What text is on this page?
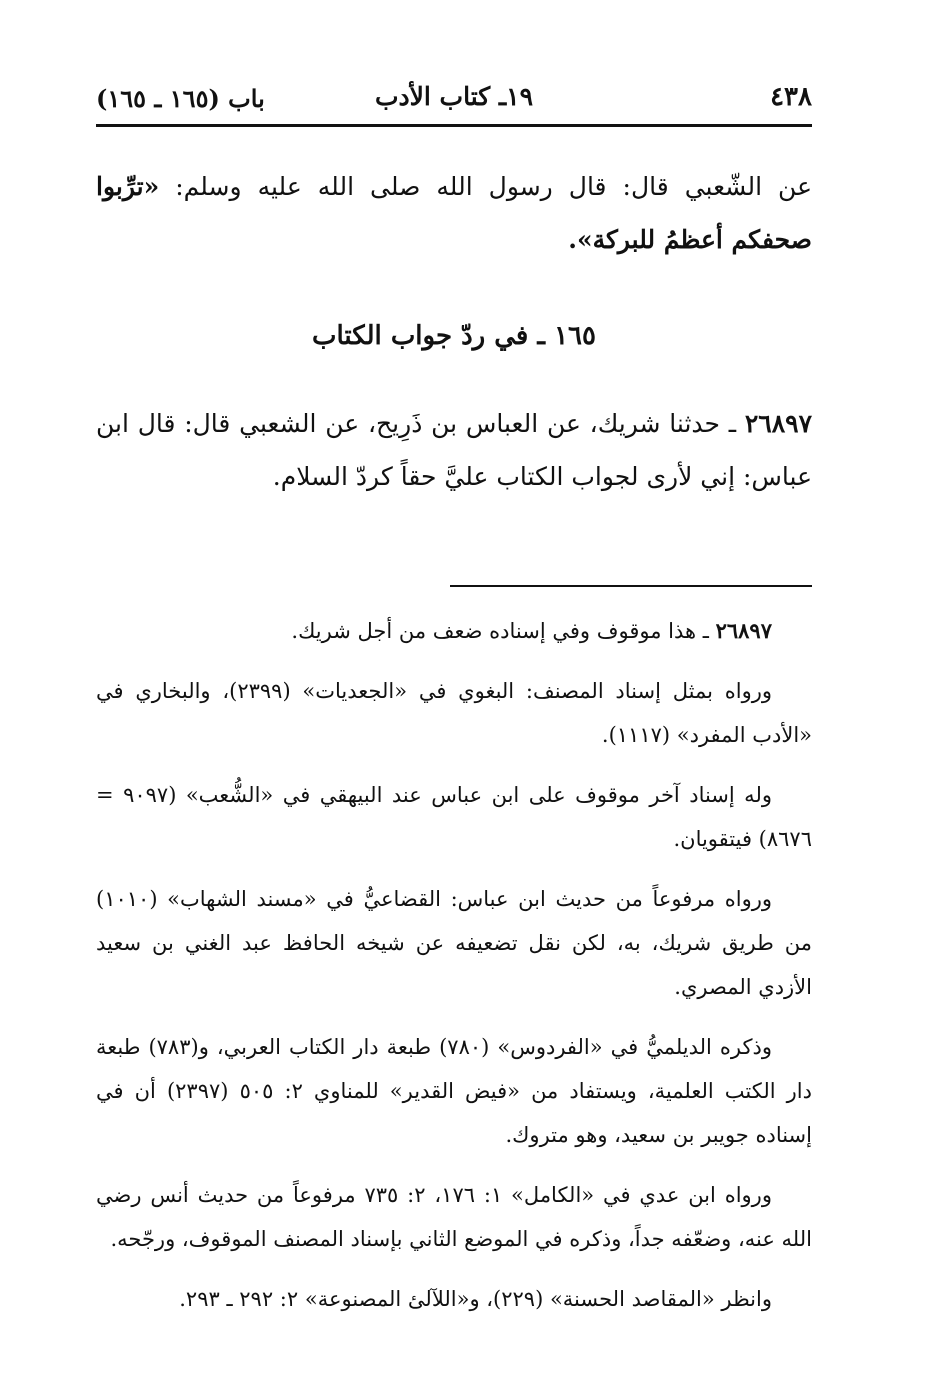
٤٣٨
١٩ـ كتاب الأدب
باب (١٦٥ ـ ١٦٥)

عن الشّعبي قال: قال رسول الله صلى الله عليه وسلم: «ترِّبوا صحفكم أعظمُ للبركة».

١٦٥ ـ في ردّ جواب الكتاب

٢٦٨٩٧ ـ حدثنا شريك، عن العباس بن ذَرِيح، عن الشعبي قال: قال ابن عباس: إني لأرى لجواب الكتاب عليَّ حقاً كردّ السلام.

٢٦٨٩٧ ـ هذا موقوف وفي إسناده ضعف من أجل شريك.

ورواه بمثل إسناد المصنف: البغوي في «الجعديات» (٢٣٩٩)، والبخاري في «الأدب المفرد» (١١١٧).

وله إسناد آخر موقوف على ابن عباس عند البيهقي في «الشُّعب» (٩٠٩٧ = ٨٦٧٦) فيتقويان.

ورواه مرفوعاً من حديث ابن عباس: القضاعيُّ في «مسند الشهاب» (١٠١٠) من طريق شريك، به، لكن نقل تضعيفه عن شيخه الحافظ عبد الغني بن سعيد الأزدي المصري.

وذكره الديلميُّ في «الفردوس» (٧٨٠) طبعة دار الكتاب العربي، و(٧٨٣) طبعة دار الكتب العلمية، ويستفاد من «فيض القدير» للمناوي ٢: ٥٠٥ (٢٣٩٧) أن في إسناده جويبر بن سعيد، وهو متروك.

ورواه ابن عدي في «الكامل» ١: ١٧٦، ٢: ٧٣٥ مرفوعاً من حديث أنس رضي الله عنه، وضعّفه جداً، وذكره في الموضع الثاني بإسناد المصنف الموقوف، ورجّحه.

وانظر «المقاصد الحسنة» (٢٢٩)، و«اللآلئ المصنوعة» ٢: ٢٩٢ ـ ٢٩٣.
